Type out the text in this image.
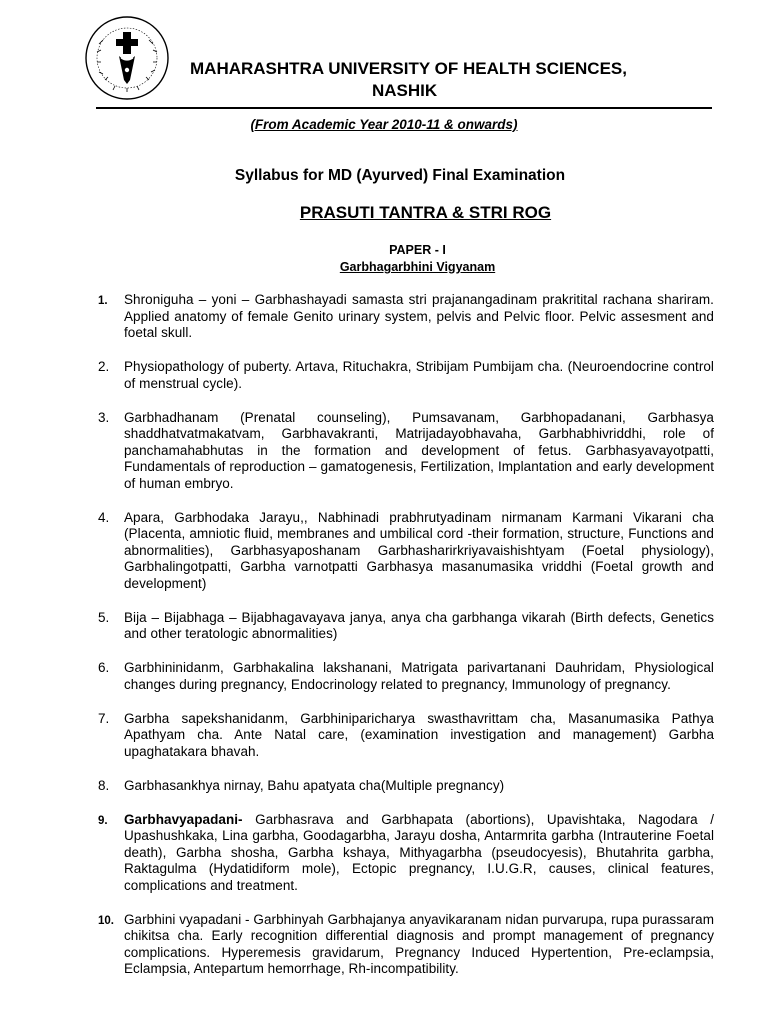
MAHARASHTRA UNIVERSITY OF HEALTH SCIENCES,
NASHIK
(From Academic Year 2010-11 & onwards)
Syllabus for MD (Ayurved) Final Examination
PRASUTI TANTRA & STRI ROG
PAPER - I
Garbhagarbhini Vigyanam
1. Shroniguha – yoni – Garbhashayadi samasta stri prajanangadinam prakritital rachana shariram. Applied anatomy of female Genito urinary system, pelvis and Pelvic floor. Pelvic assesment and foetal skull.
2. Physiopathology of puberty. Artava, Rituchakra, Stribijam Pumbijam cha. (Neuroendocrine control of menstrual cycle).
3. Garbhadhanam (Prenatal counseling), Pumsavanam, Garbhopadanani, Garbhasya shaddhatvatmakatvam, Garbhavakranti, Matrijadayobhavaha, Garbhabhivriddhi, role of panchamahabhutas in the formation and development of fetus. Garbhasyavayotpatti, Fundamentals of reproduction – gamatogenesis, Fertilization, Implantation and early development of human embryo.
4. Apara, Garbhodaka Jarayu,, Nabhinadi prabhrutyadinam nirmanam Karmani Vikarani cha (Placenta, amniotic fluid, membranes and umbilical cord -their formation, structure, Functions and abnormalities), Garbhasyaposhanam Garbhasharirkriyavaishishtyam (Foetal physiology), Garbhalingotpatti, Garbha varnotpatti Garbhasya masanumasika vriddhi (Foetal growth and development)
5. Bija – Bijabhaga – Bijabhagavayava janya, anya cha garbhanga vikarah (Birth defects, Genetics and other teratologic abnormalities)
6. Garbhininidanm, Garbhakalina lakshanani, Matrigata parivartanani Dauhridam, Physiological changes during pregnancy, Endocrinology related to pregnancy, Immunology of pregnancy.
7. Garbha sapekshanidanm, Garbhiniparicharya swasthavrittam cha, Masanumasika Pathya Apathyam cha. Ante Natal care, (examination investigation and management) Garbha upaghatakara bhavah.
8. Garbhasankhya nirnay, Bahu apatyata cha(Multiple pregnancy)
9. Garbhavyapadani- Garbhasrava and Garbhapata (abortions), Upavishtaka, Nagodara / Upashushkaka, Lina garbha, Goodagarbha, Jarayu dosha, Antarmrita garbha (Intrauterine Foetal death), Garbha shosha, Garbha kshaya, Mithyagarbha (pseudocyesis), Bhutahrita garbha, Raktagulma (Hydatidiform mole), Ectopic pregnancy, I.U.G.R, causes, clinical features, complications and treatment.
10. Garbhini vyapadani - Garbhinyah Garbhajanya anyavikaranam nidan purvarupa, rupa purassaram chikitsa cha. Early recognition differential diagnosis and prompt management of pregnancy complications. Hyperemesis gravidarum, Pregnancy Induced Hypertention, Pre-eclampsia, Eclampsia, Antepartum hemorrhage, Rh-incompatibility.
